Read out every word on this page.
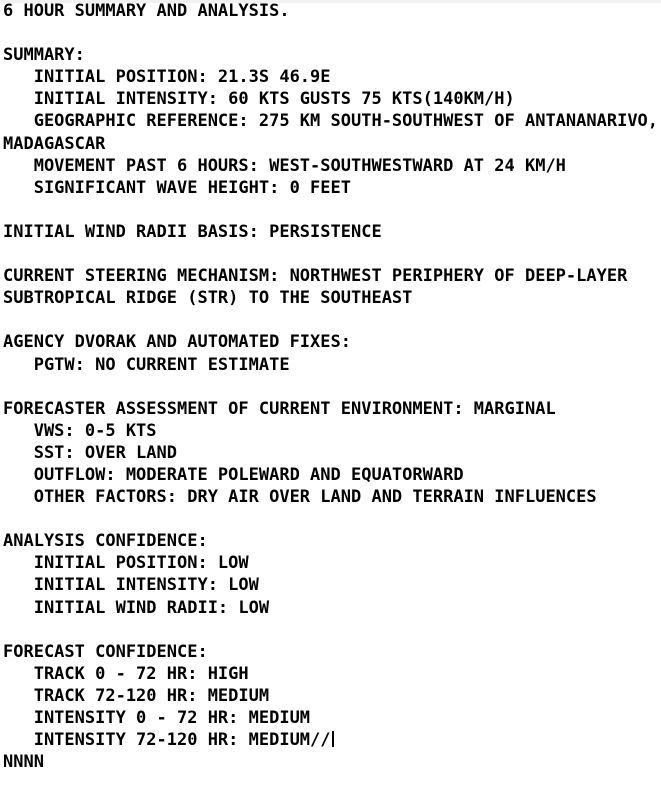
6 HOUR SUMMARY AND ANALYSIS.
SUMMARY:
INITIAL POSITION: 21.3S 46.9E
INITIAL INTENSITY: 60 KTS GUSTS 75 KTS(140KM/H)
GEOGRAPHIC REFERENCE: 275 KM SOUTH-SOUTHWEST OF ANTANANARIVO,
MADAGASCAR
MOVEMENT PAST 6 HOURS: WEST-SOUTHWESTWARD AT 24 KM/H
SIGNIFICANT WAVE HEIGHT: 0 FEET
INITIAL WIND RADII BASIS: PERSISTENCE
CURRENT STEERING MECHANISM: NORTHWEST PERIPHERY OF DEEP-LAYER
SUBTROPICAL RIDGE (STR) TO THE SOUTHEAST
AGENCY DVORAK AND AUTOMATED FIXES:
PGTW: NO CURRENT ESTIMATE
FORECASTER ASSESSMENT OF CURRENT ENVIRONMENT: MARGINAL
VWS: 0-5 KTS
SST: OVER LAND
OUTFLOW: MODERATE POLEWARD AND EQUATORWARD
OTHER FACTORS: DRY AIR OVER LAND AND TERRAIN INFLUENCES
ANALYSIS CONFIDENCE:
INITIAL POSITION: LOW
INITIAL INTENSITY: LOW
INITIAL WIND RADII: LOW
FORECAST CONFIDENCE:
TRACK 0 - 72 HR: HIGH
TRACK 72-120 HR: MEDIUM
INTENSITY 0 - 72 HR: MEDIUM
INTENSITY 72-120 HR: MEDIUM//
NNNN
